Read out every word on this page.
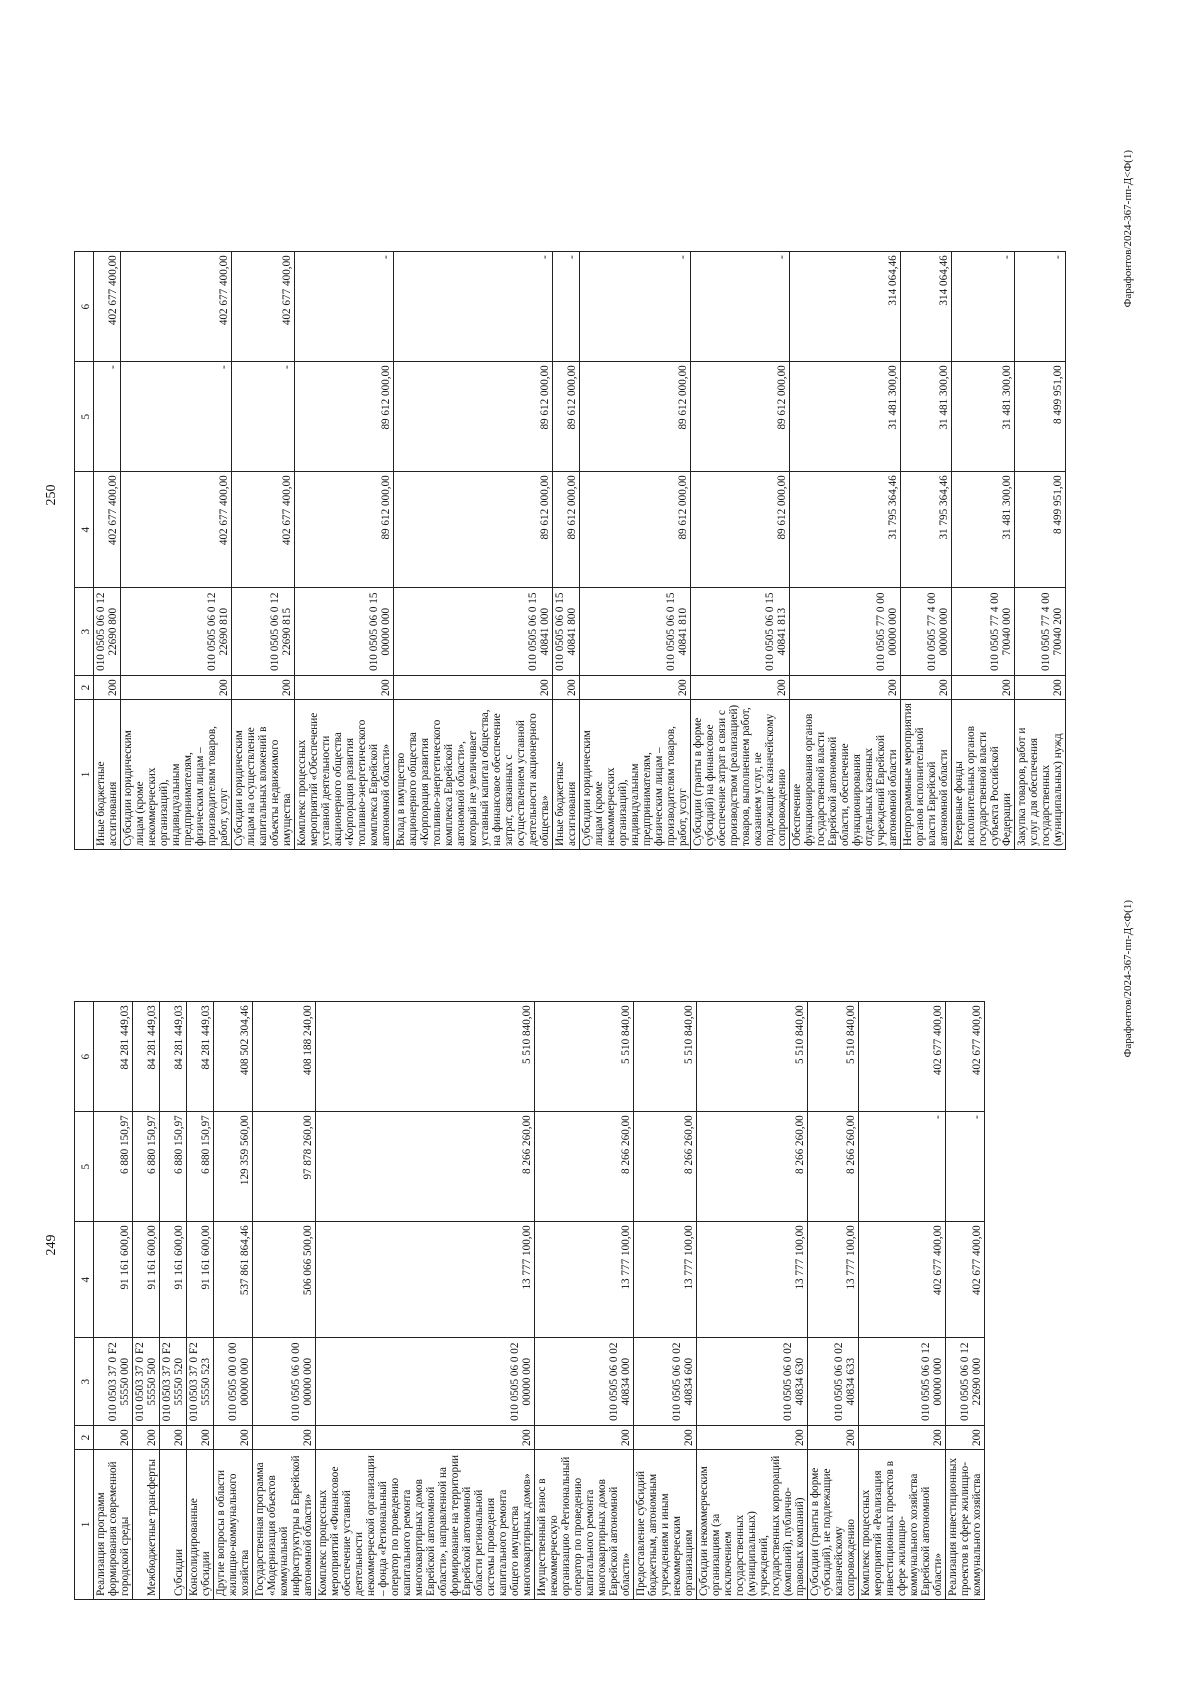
250
1	2	3	4	5	6
Иные бюджетные ассигнования	200	010 0505 06 0 12 22690 800	402 677 400,00	-	402 677 400,00
Субсидии юридическим лицам (кроме некоммерческих организаций), индивидуальным предпринимателям, физическим лицам – производителям товаров, работ, услуг	200	010 0505 06 0 12 22690 810	402 677 400,00	-	402 677 400,00
Субсидии юридическим лицам на осуществление капитальных вложений в объекты недвижимого имущества	200	010 0505 06 0 12 22690 815	402 677 400,00	-	402 677 400,00
Комплекс процессных мероприятий «Обеспечение уставной деятельности акционерного общества «Корпорация развития топливно-энергетического комплекса Еврейской автономной области»	200	010 0505 06 0 15 00000 000	89 612 000,00	89 612 000,00	-
Вклад в имущество акционерного общества «Корпорация развития топливно-энергетического комплекса Еврейской автономной области», который не увеличивает уставный капитал общества, на финансовое обеспечение затрат, связанных с осуществлением уставной деятельности акционерного общества»	200	010 0505 06 0 15 40841 000	89 612 000,00	89 612 000,00	-
Иные бюджетные ассигнования	200	010 0505 06 0 15 40841 800	89 612 000,00	89 612 000,00	-
Субсидии юридическим лицам (кроме некоммерческих организаций), индивидуальным предпринимателям, физическим лицам – производителям товаров, работ, услуг	200	010 0505 06 0 15 40841 810	89 612 000,00	89 612 000,00	-
Субсидии (гранты в форме субсидий) на финансовое обеспечение затрат в связи с производством (реализацией) товаров, выполнением работ, оказанием услуг, не подлежащие казначейскому сопровождению	200	010 0505 06 0 15 40841 813	89 612 000,00	89 612 000,00	-
Обеспечение функционирования органов государственной власти Еврейской автономной области, обеспечение функционирования отдельных казенных учреждений Еврейской автономной области	200	010 0505 77 0 00 00000 000	31 795 364,46	31 481 300,00	314 064,46
Непрограммные мероприятия органов исполнительной власти Еврейской автономной области	200	010 0505 77 4 00 00000 000	31 795 364,46	31 481 300,00	314 064,46
Резервные фонды исполнительных органов государственной власти субъекта Российской Федерации	200	010 0505 77 4 00 70040 000	31 481 300,00	31 481 300,00	-
Закупка товаров, работ и услуг для обеспечения государственных (муниципальных) нужд	200	010 0505 77 4 00 70040 200	8 499 951,00	8 499 951,00	-	Фарафонтов/2024-367-пп-Д<Ф(1)
249
1	2	3	4	5	6
Реализация программ формирования современной городской среды	200	010 0503 37 0 F2 55550 000	91 161 600,00	6 880 150,97	84 281 449,03
Межбюджетные трансферты	200	010 0503 37 0 F2 55550 500	91 161 600,00	6 880 150,97	84 281 449,03
Субсидии	200	010 0503 37 0 F2 55550 520	91 161 600,00	6 880 150,97	84 281 449,03
Консолидированные субсидии	200	010 0503 37 0 F2 55550 523	91 161 600,00	6 880 150,97	84 281 449,03
Другие вопросы в области жилищно-коммунального хозяйства	200	010 0505 00 0 00 00000 000	537 861 864,46	129 359 560,00	408 502 304,46
Государственная программа «Модернизация объектов коммунальной инфраструктуры в Еврейской автономной области»	200	010 0505 06 0 00 00000 000	506 066 500,00	97 878 260,00	408 188 240,00
Комплекс процессных мероприятий «Финансовое обеспечение уставной деятельности некоммерческой организации – фонда «Региональный оператор по проведению капитального ремонта многоквартирных домов Еврейской автономной области», направленной на формирование на территории Еврейской автономной области региональной системы проведения капитального ремонта общего имущества многоквартирных домов»	200	010 0505 06 0 02 00000 000	13 777 100,00	8 266 260,00	5 510 840,00
Имущественный взнос в некоммерческую организацию «Региональный оператор по проведению капитального ремонта многоквартирных домов Еврейской автономной области»	200	010 0505 06 0 02 40834 000	13 777 100,00	8 266 260,00	5 510 840,00
Предоставление субсидий бюджетным, автономным учреждениям и иным некоммерческим организациям	200	010 0505 06 0 02 40834 600	13 777 100,00	8 266 260,00	5 510 840,00
Субсидии некоммерческим организациям (за исключением государственных (муниципальных) учреждений, государственных корпораций (компаний), публично-правовых компаний)	200	010 0505 06 0 02 40834 630	13 777 100,00	8 266 260,00	5 510 840,00
Субсидии (гранты в форме субсидий), не подлежащие казначейскому сопровождению	200	010 0505 06 0 02 40834 633	13 777 100,00	8 266 260,00	5 510 840,00
Комплекс процессных мероприятий «Реализация инвестиционных проектов в сфере жилищно-коммунального хозяйства Еврейской автономной области»	200	010 0505 06 0 12 00000 000	402 677 400,00	-	402 677 400,00
Реализация инвестиционных проектов в сфере жилищно-коммунального хозяйства	200	010 0505 06 0 12 22690 000	402 677 400,00	-	402 677 400,00	Фарафонтов/2024-367-пп-Д<Ф(1)
